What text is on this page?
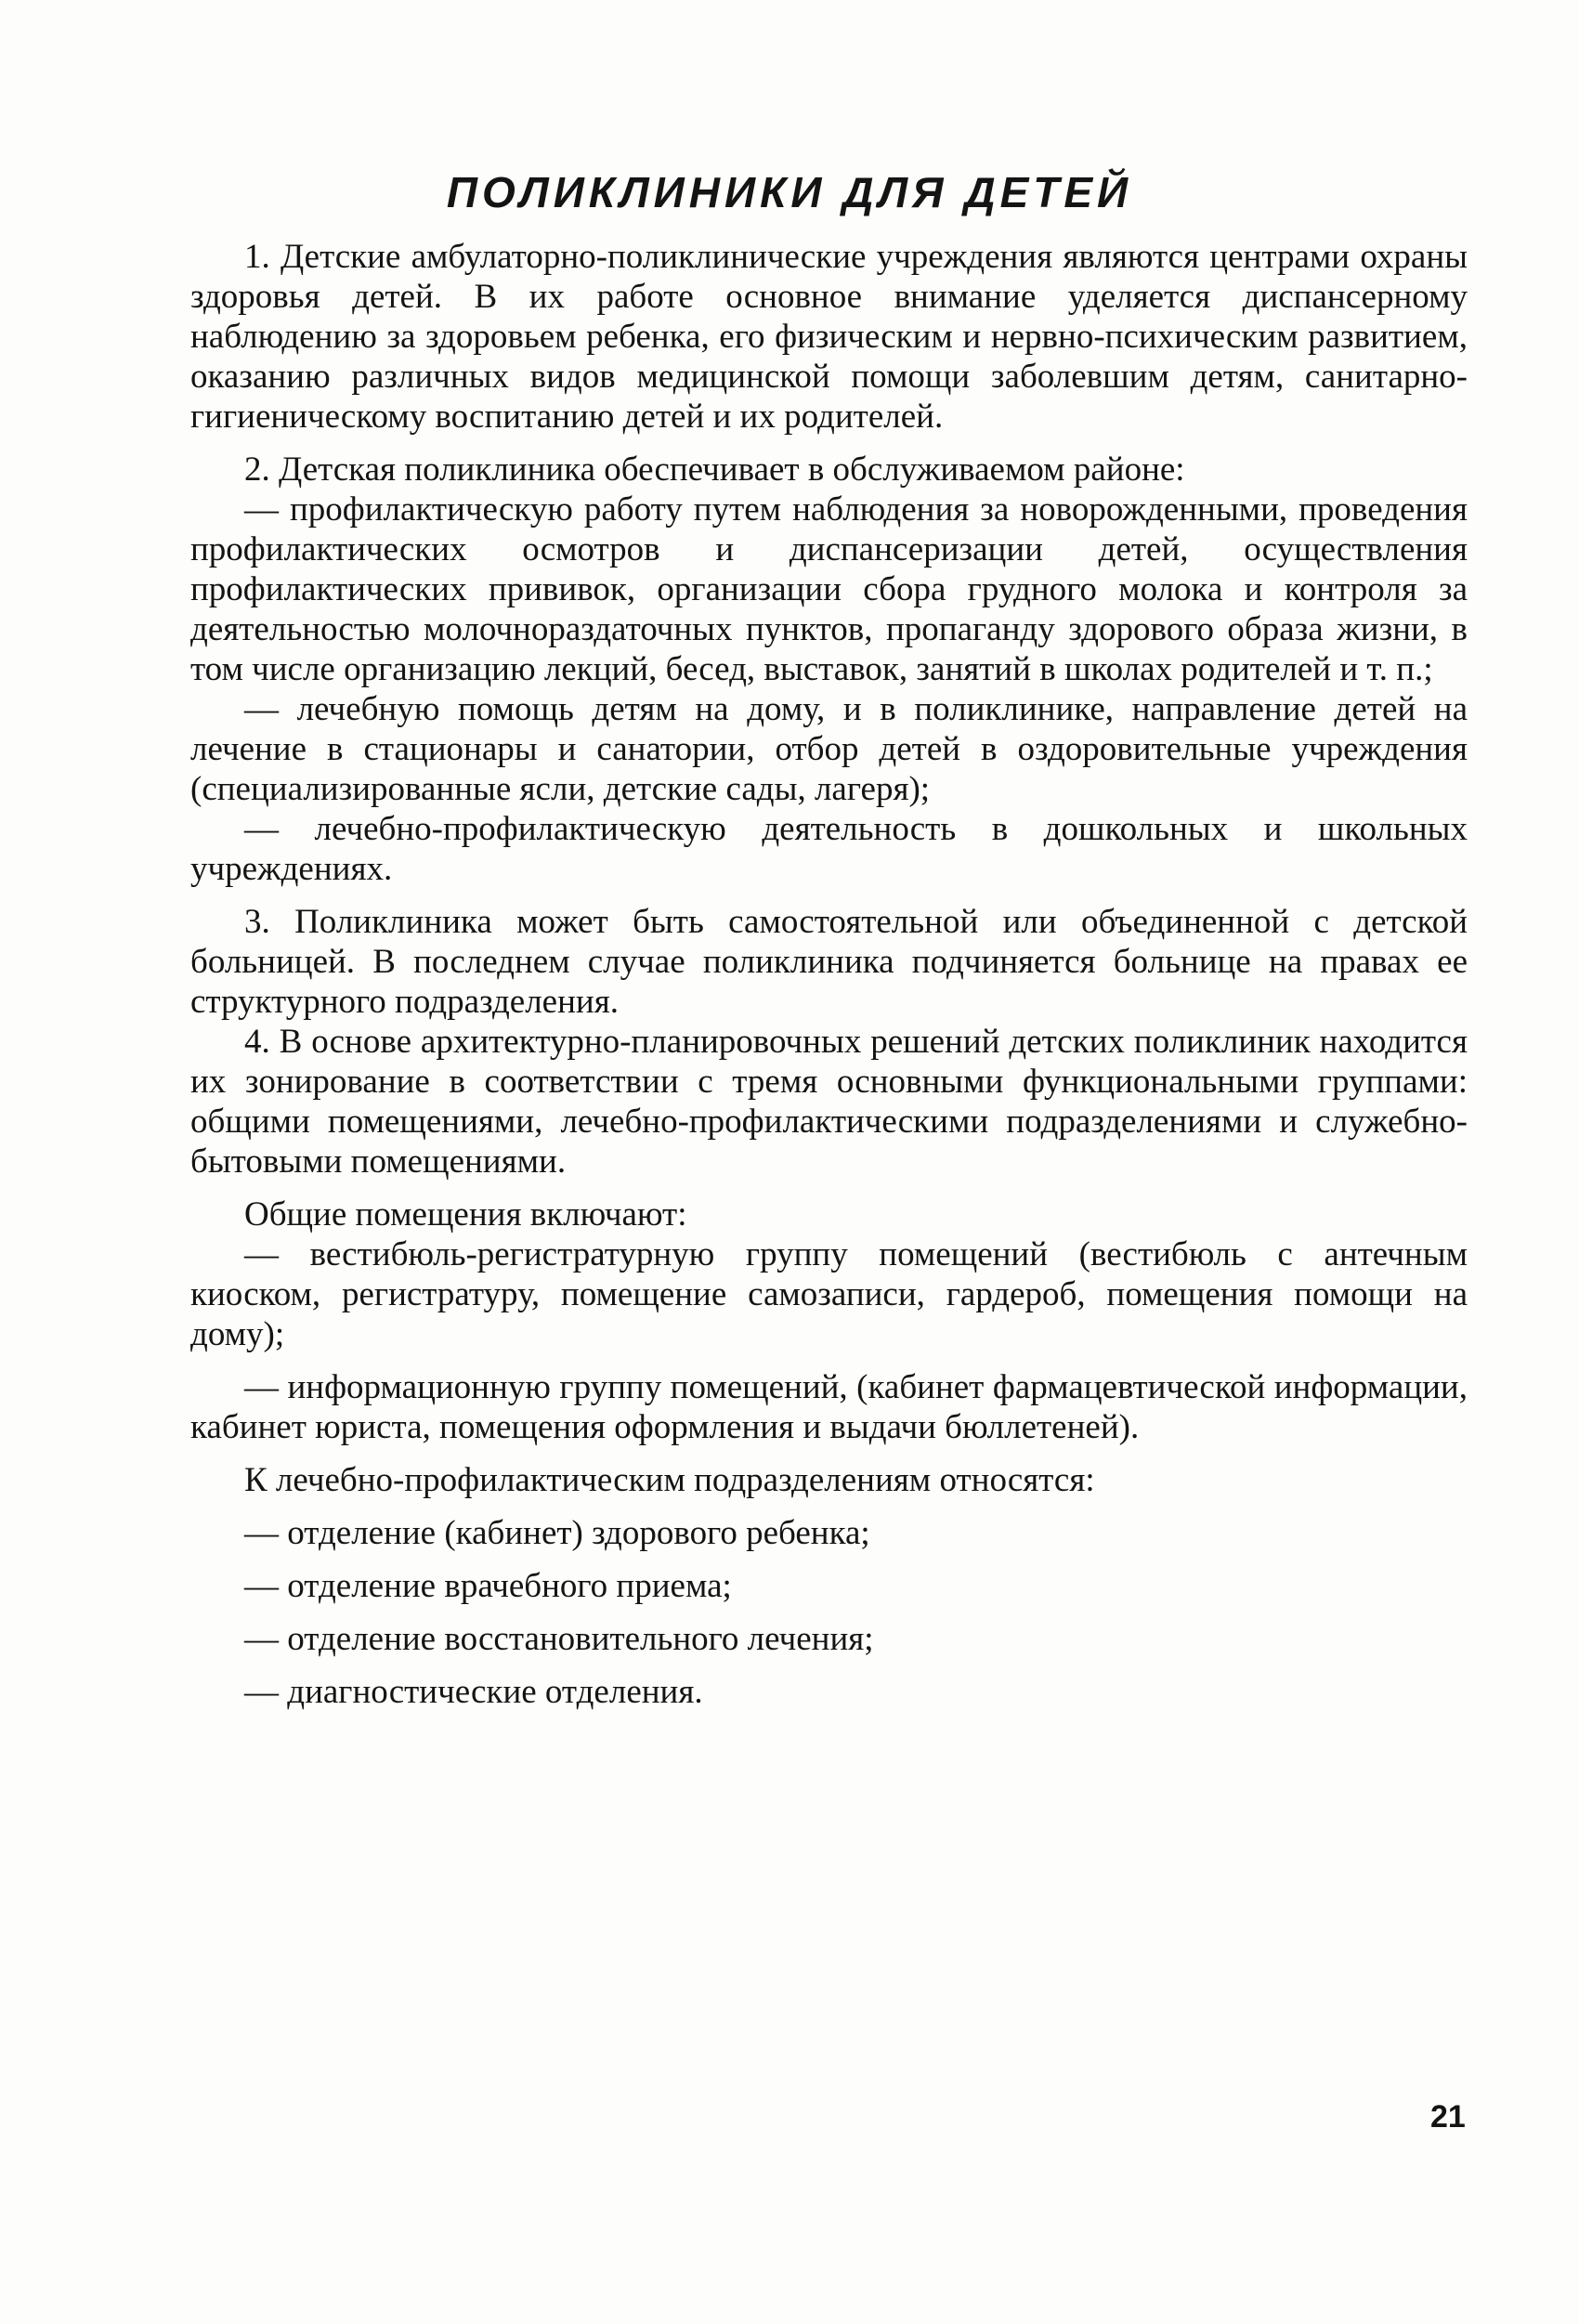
ПОЛИКЛИНИКИ ДЛЯ ДЕТЕЙ

1. Детские амбулаторно-поликлинические учреждения являются центрами охраны здоровья детей. В их работе основное внимание уделяется диспансерному наблюдению за здоровьем ребенка, его физическим и нервно-психическим развитием, оказанию различных видов медицинской помощи заболевшим детям, санитарно-гигиеническому воспитанию детей и их родителей.

2. Детская поликлиника обеспечивает в обслуживаемом районе:

— профилактическую работу путем наблюдения за новорожденными, проведения профилактических осмотров и диспансеризации детей, осуществления профилактических прививок, организации сбора грудного молока и контроля за деятельностью молочнораздаточных пунктов, пропаганду здорового образа жизни, в том числе организацию лекций, бесед, выставок, занятий в школах родителей и т. п.;

— лечебную помощь детям на дому, и в поликлинике, направление детей на лечение в стационары и санатории, отбор детей в оздоровительные учреждения (специализированные ясли, детские сады, лагеря);

— лечебно-профилактическую деятельность в дошкольных и школьных учреждениях.

3. Поликлиника может быть самостоятельной или объединенной с детской больницей. В последнем случае поликлиника подчиняется больнице на правах ее структурного подразделения.

4. В основе архитектурно-планировочных решений детских поликлиник находится их зонирование в соответствии с тремя основными функциональными группами: общими помещениями, лечебно-профилактическими подразделениями и служебно-бытовыми помещениями.

Общие помещения включают:

— вестибюль-регистратурную группу помещений (вестибюль с антечным киоском, регистратуру, помещение самозаписи, гардероб, помещения помощи на дому);

— информационную группу помещений, (кабинет фармацевтической информации, кабинет юриста, помещения оформления и выдачи бюллетеней).

К лечебно-профилактическим подразделениям относятся:

— отделение (кабинет) здорового ребенка;

— отделение врачебного приема;

— отделение восстановительного лечения;

— диагностические отделения.

21
